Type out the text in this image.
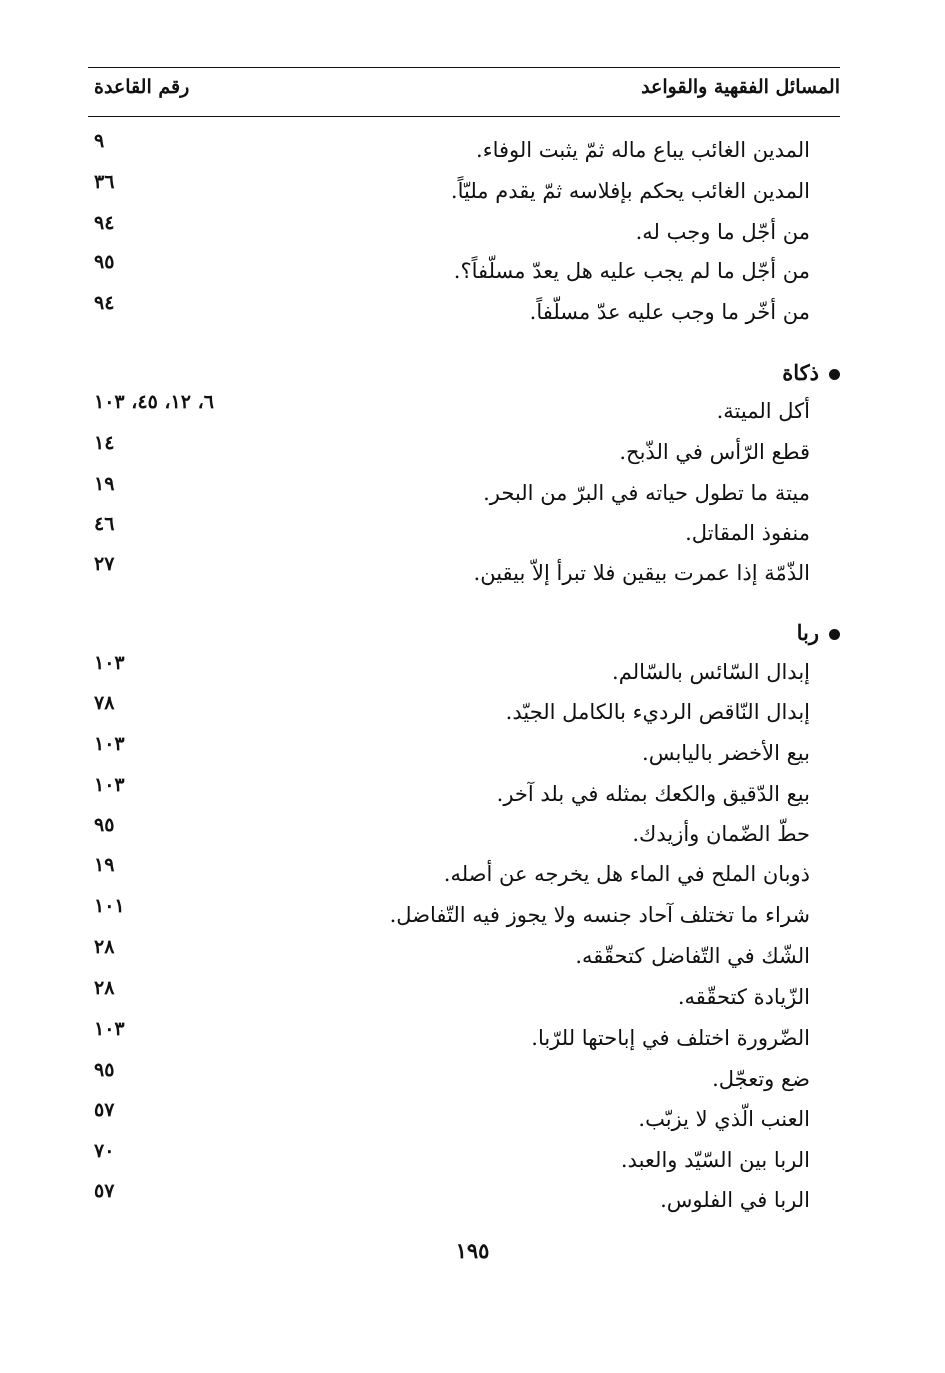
المسائل الفقهية والقواعد
رقم القاعدة
المدين الغائب يباع ماله ثمّ يثبت الوفاء.
٩
المدين الغائب يحكم بإفلاسه ثمّ يقدم مليّاً.
٣٦
من أجّل ما وجب له.
٩٤
من أجّل ما لم يجب عليه هل يعدّ مسلّفاً؟.
٩٥
من أخّر ما وجب عليه عدّ مسلّفاً.
٩٤
أكل الميتة.
٦، ١٢، ٤٥، ١٠٣
قطع الرّأس في الذّبح.
١٤
ميتة ما تطول حياته في البرّ من البحر.
١٩
منفوذ المقاتل.
٤٦
الذّمّة إذا عمرت بيقين فلا تبرأ إلاّ بيقين.
٢٧
إبدال السّائس بالسّالم.
١٠٣
إبدال النّاقص الرديء بالكامل الجيّد.
٧٨
بيع الأخضر باليابس.
١٠٣
بيع الدّقيق والكعك بمثله في بلد آخر.
١٠٣
حطّ الضّمان وأزيدك.
٩٥
ذوبان الملح في الماء هل يخرجه عن أصله.
١٩
شراء ما تختلف آحاد جنسه ولا يجوز فيه التّفاضل.
١٠١
الشّك في التّفاضل كتحقّقه.
٢٨
الزّيادة كتحقّقه.
٢٨
الضّرورة اختلف في إباحتها للرّبا.
١٠٣
ضع وتعجّل.
٩٥
العنب الّذي لا يزبّب.
٥٧
الربا بين السّيّد والعبد.
٧٠
الربا في الفلوس.
٥٧
ذكاة
ربا
١٩٥
